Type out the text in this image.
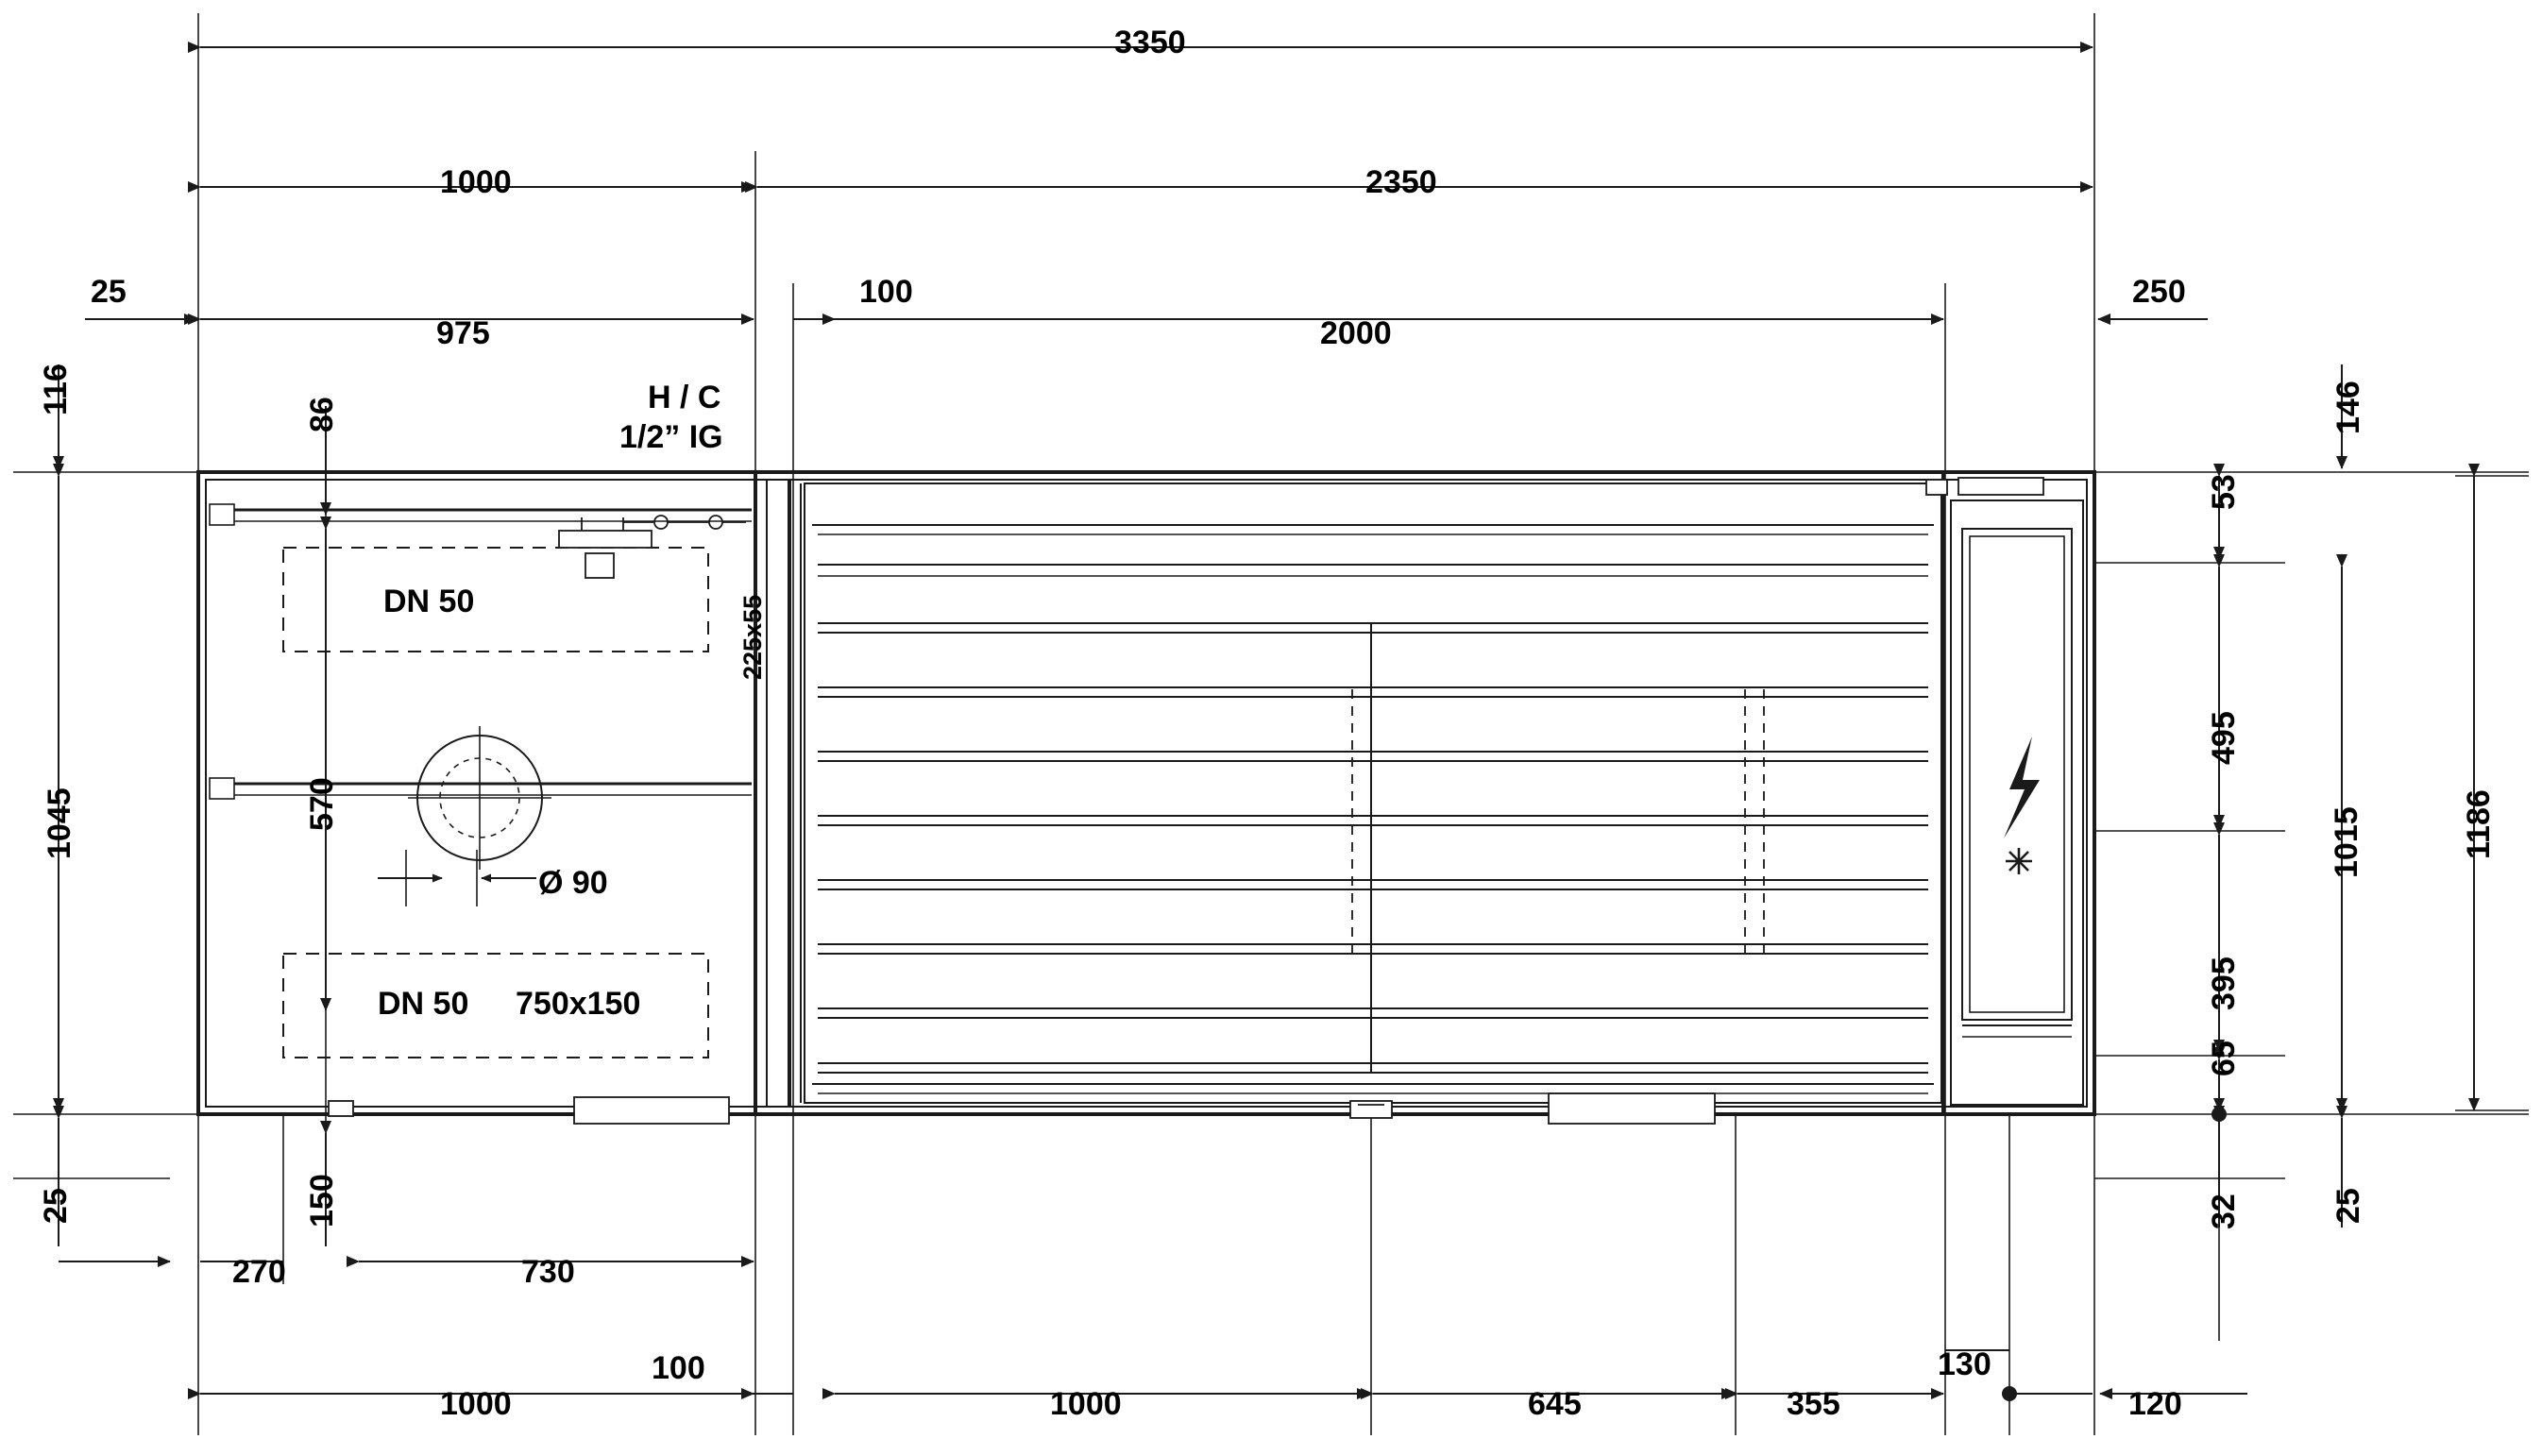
3350
1000	2350
25
975
100
2000
250
H / C
1/2” IG
DN 50
DN 50 750x150
Ø 90
270	730
1000
100
1000	645	355
130
120
116
1045
25
86
570
150
225x55
146
53
495
395
65
32
1015
25
1186
